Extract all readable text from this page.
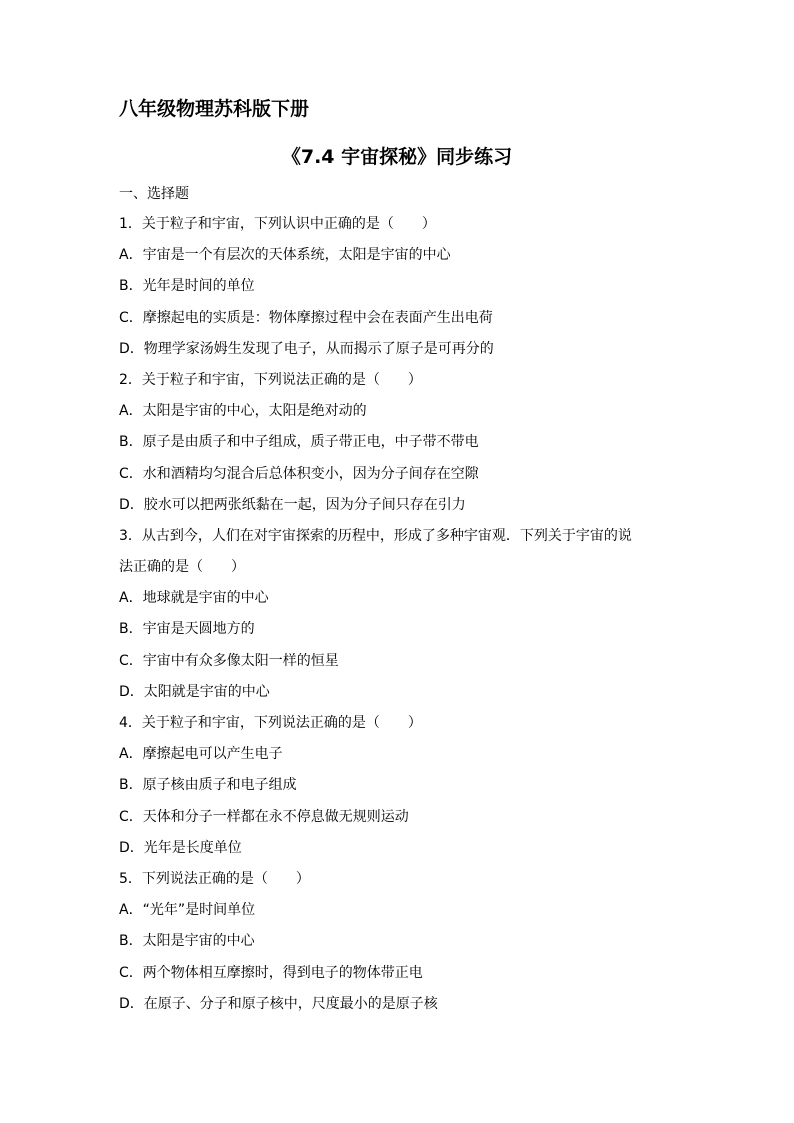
八年级物理苏科版下册
《7.4 宇宙探秘》同步练习
一、选择题
1．关于粒子和宇宙，下列认识中正确的是（　　）
A．宇宙是一个有层次的天体系统，太阳是宇宙的中心
B．光年是时间的单位
C．摩擦起电的实质是：物体摩擦过程中会在表面产生出电荷
D．物理学家汤姆生发现了电子，从而揭示了原子是可再分的
2．关于粒子和宇宙，下列说法正确的是（　　）
A．太阳是宇宙的中心，太阳是绝对动的
B．原子是由质子和中子组成，质子带正电，中子带不带电
C．水和酒精均匀混合后总体积变小，因为分子间存在空隙
D．胶水可以把两张纸黏在一起，因为分子间只存在引力
3．从古到今，人们在对宇宙探索的历程中，形成了多种宇宙观．下列关于宇宙的说
法正确的是（　　）
A．地球就是宇宙的中心
B．宇宙是天圆地方的
C．宇宙中有众多像太阳一样的恒星
D．太阳就是宇宙的中心
4．关于粒子和宇宙，下列说法正确的是（　　）
A．摩擦起电可以产生电子
B．原子核由质子和电子组成
C．天体和分子一样都在永不停息做无规则运动
D．光年是长度单位
5．下列说法正确的是（　　）
A．“光年”是时间单位
B．太阳是宇宙的中心
C．两个物体相互摩擦时，得到电子的物体带正电
D．在原子、分子和原子核中，尺度最小的是原子核
